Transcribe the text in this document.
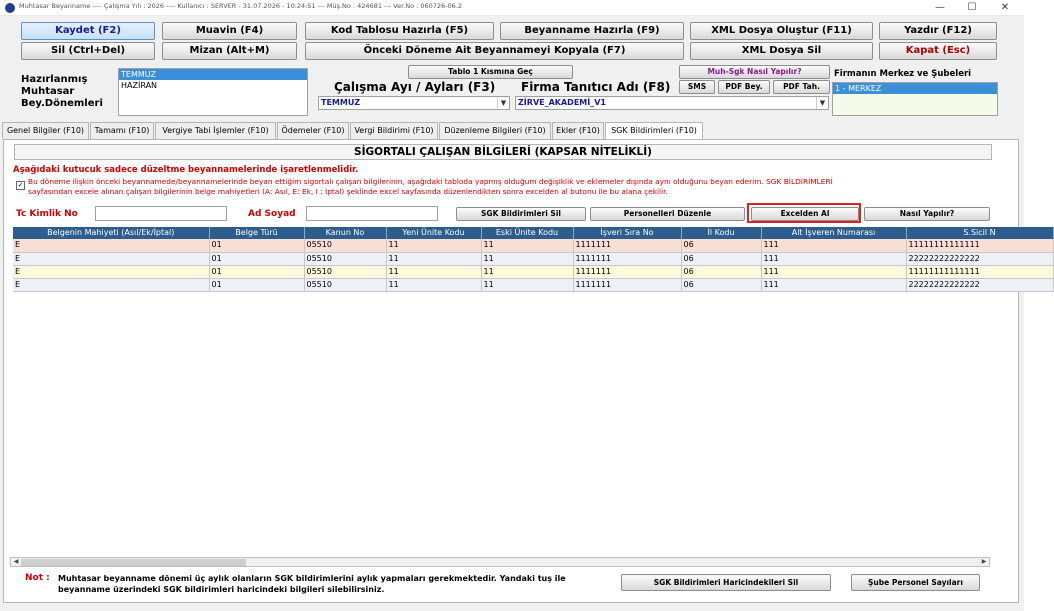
Muhtasar Beyanname ---- Çalışma Yılı : 2026 ---- Kullanıcı : SERVER - 31.07.2026 - 10:24:51 --- Müş.No : 424681 --- Ver.No : 060726-06.2	—	☐	✕
Kaydet (F2)	Muavin (F4)	Kod Tablosu Hazırla (F5)	Beyanname Hazırla (F9)	XML Dosya Oluştur (F11)	Yazdır (F12)
Sil (Ctrl+Del)	Mizan (Alt+M)	Önceki Döneme Ait Beyannameyi Kopyala (F7)	XML Dosya Sil	Kapat (Esc)
Hazırlanmış
Muhtasar
Bey.Dönemleri
TEMMUZ
HAZİRAN
Tablo 1 Kısmına Geç	Muh-Sgk Nasıl Yapılır?
SMS	PDF Bey.	PDF Tah.
Çalışma Ayı / Ayları (F3)
TEMMUZ	▼
Firma Tanıtıcı Adı (F8)
ZİRVE_AKADEMİ_V1	▼
Firmanın Merkez ve Şubeleri
1 - MERKEZ
Genel Bilgiler (F10)	Tamamı (F10)	Vergiye Tabi İşlemler (F10)	Ödemeler (F10)	Vergi Bildirimi (F10)	Düzenleme Bilgileri (F10)	Ekler (F10)	SGK Bildirimleri (F10)
SİGORTALI ÇALIŞAN BİLGİLERİ (KAPSAR NİTELİKLİ)
Aşağıdaki kutucuk sadece düzeltme beyannamelerinde işaretlenmelidir.
✓ Bu döneme ilişkin önceki beyannamede/beyannamelerinde beyan ettiğim sigortalı çalışan bilgilerinin, aşağıdaki tabloda yapmış olduğum değişiklik ve eklemeler dışında aynı olduğunu beyan ederim. SGK BİLDİRİMLERİ
sayfasından excele alınan çalışan bilgilerinin belge mahiyetleri (A: Asıl, E: Ek, I : İptal) şeklinde excel sayfasında düzenlendikten sonra excelden al butonu ile bu alana çekilir.
Tc Kimlik No	Ad Soyad	SGK Bildirimleri Sil	Personelleri Düzenle	Excelden Al	Nasıl Yapılır?
Belgenin Mahiyeti (Asıl/Ek/İptal)	Belge Türü	Kanun No	Yeni Ünite Kodu	Eski Ünite Kodu	İşveri Sıra No	İl Kodu	Alt İşveren Numarası	S.Sicil N
E	01	05510	11	11	1111111	06	111	11111111111111
E	01	05510	11	11	1111111	06	111	22222222222222
E	01	05510	11	11	1111111	06	111	11111111111111
E	01	05510	11	11	1111111	06	111	22222222222222
◀	▶
Not : Muhtasar beyanname dönemi üç aylık olanların SGK bildirimlerini aylık yapmaları gerekmektedir. Yandaki tuş ile
beyanname üzerindeki SGK bildirimleri haricindeki bilgileri silebilirsiniz.
SGK Bildirimleri Haricindekileri Sil	Şube Personel Sayıları
